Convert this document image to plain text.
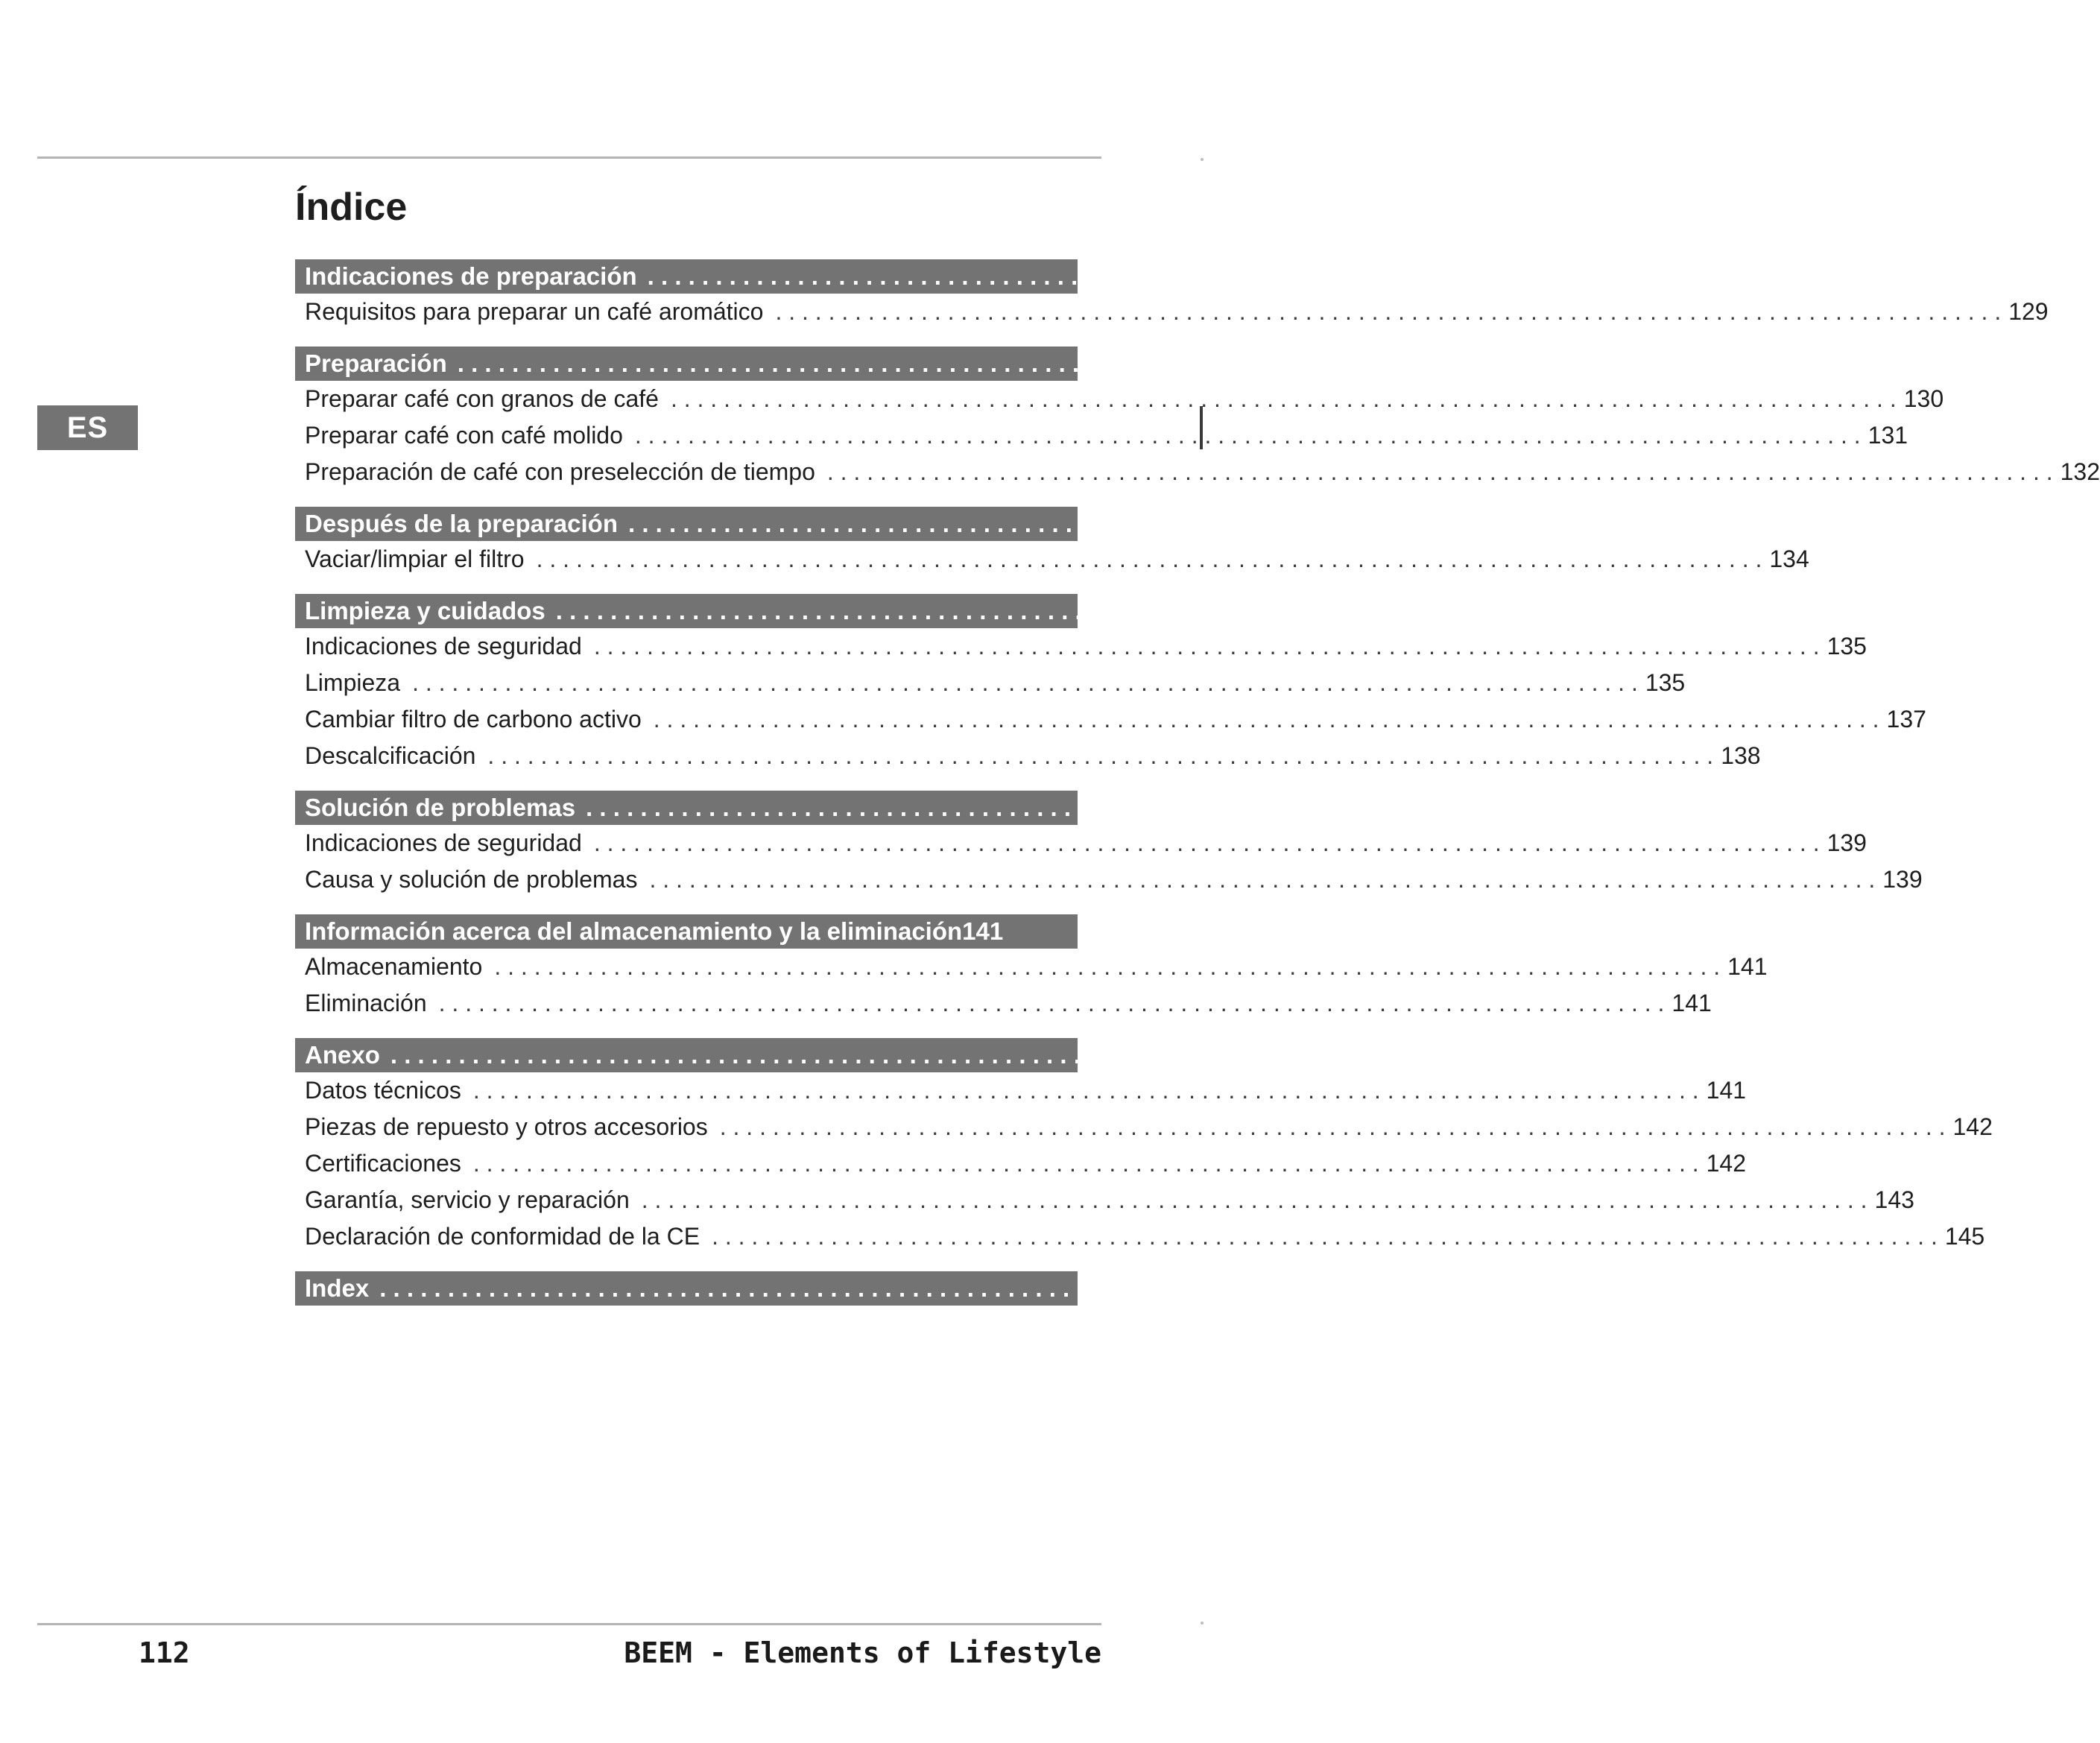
ES
Índice
Indicaciones de preparación . . .	129
Requisitos para preparar un café aromático . . .	129
Preparación . . .	130
Preparar café con granos de café . . .	130
Preparar café con café molido . . .	131
Preparación de café con preselección de tiempo . . .	132
Después de la preparación . . .	134
Vaciar/limpiar el filtro . . .	134
Limpieza y cuidados . . .	135
Indicaciones de seguridad . . .	135
Limpieza . . .	135
Cambiar filtro de carbono activo . . .	137
Descalcificación . . .	138
Solución de problemas . . .	139
Indicaciones de seguridad . . .	139
Causa y solución de problemas . . .	139
Información acerca del almacenamiento y la eliminación 141
Almacenamiento . . .	141
Eliminación . . .	141
Anexo . . .	141
Datos técnicos . . .	141
Piezas de repuesto y otros accesorios . . .	142
Certificaciones . . .	142
Garantía, servicio y reparación . . .	143
Declaración de conformidad de la CE . . .	145
Index . . .	146
112	BEEM - Elements of Lifestyle
